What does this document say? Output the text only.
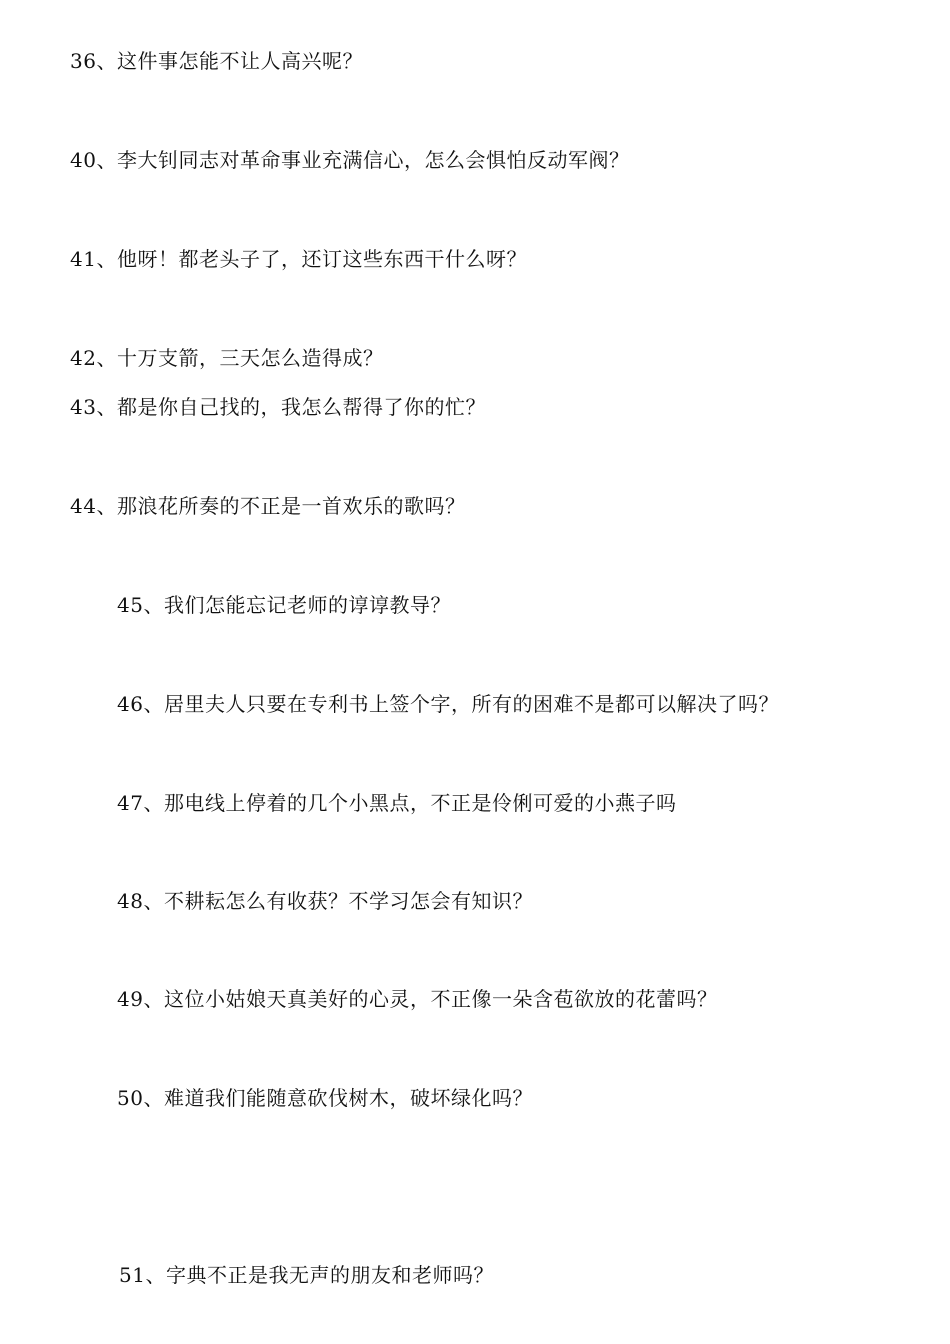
36、这件事怎能不让人高兴呢？
40、李大钊同志对革命事业充满信心，怎么会惧怕反动军阀？
41、他呀！都老头子了，还订这些东西干什么呀？
42、十万支箭，三天怎么造得成？
43、都是你自己找的，我怎么帮得了你的忙？
44、那浪花所奏的不正是一首欢乐的歌吗？
45、我们怎能忘记老师的谆谆教导？
46、居里夫人只要在专利书上签个字，所有的困难不是都可以解决了吗？
47、那电线上停着的几个小黑点，不正是伶俐可爱的小燕子吗
48、不耕耘怎么有收获？不学习怎会有知识？
49、这位小姑娘天真美好的心灵，不正像一朵含苞欲放的花蕾吗？
50、难道我们能随意砍伐树木，破坏绿化吗？
51、字典不正是我无声的朋友和老师吗？
